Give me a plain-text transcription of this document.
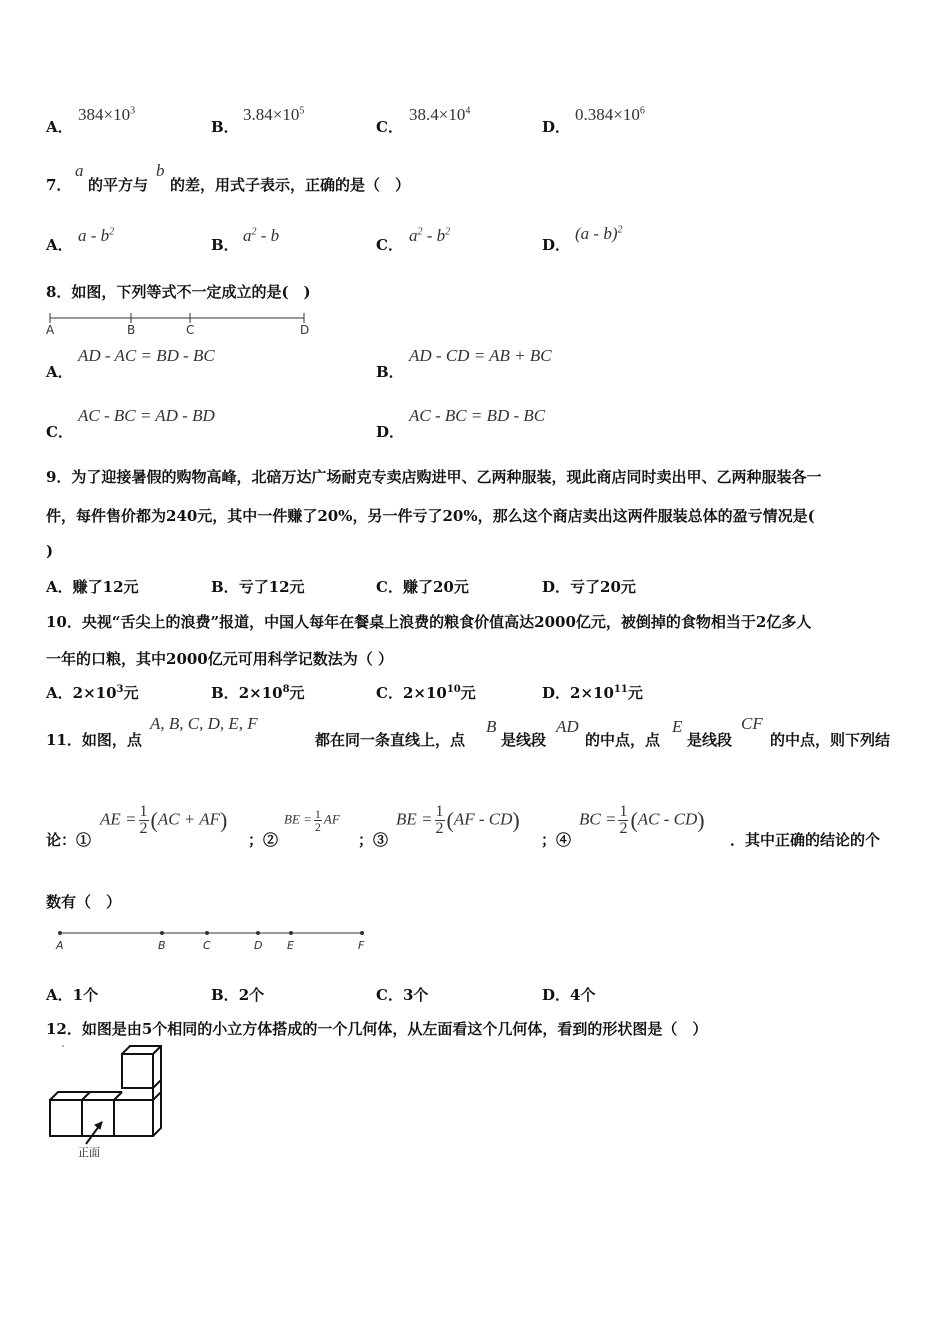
A．
$384\times 10^3$
B．
$3.84\times 10^5$
C．
$38.4\times 10^4$
D．
$0.384\times 10^6$
7．
a
的平方与
b
的差，用式子表示，正确的是（　）
A． a - $b^2$
B． $a^2$ - b	C． $a^2 - b^2$
D．
(a - b)$^2$
8．如图，下列等式不一定成立的是(　)
A	B	C	D
A．
AD - AC = BD - BC
B．
AD - CD = AB + BC
C．
AC - BC = AD - BD
D．
AC - BC = BD - BC
9．为了迎接暑假的购物高峰，北碚万达广场耐克专卖店购进甲、乙两种服装，现此商店同时卖出甲、乙两种服装各一
件，每件售价都为240元，其中一件赚了20%，另一件亏了20%，那么这个商店卖出这两件服装总体的盈亏情况是(
)
A．赚了12元	B．亏了12元	C．赚了20元	D．亏了20元
10．央视“舌尖上的浪费”报道，中国人每年在餐桌上浪费的粮食价值高达2000亿元，被倒掉的食物相当于2亿多人
一年的口粮，其中2000亿元可用科学记数法为（ ）
A．$2\times 10^3$元	B．$2\times 10^8$元	C．$2\times 10^{10}$元	D．$2\times 10^{11}$元
11．如图，点
A, B, C, D, E, F
都在同一条直线上，点
B
是线段
AD
的中点，点
E
是线段
CF
的中点，则下列结
论：①
AE = $\frac{1}{2} (AC + AF)$
；②
BE = $\frac{1}{2}$ AF
；③
BE = $\frac{1}{2} (AF - CD)$
；④
BC = $\frac{1}{2} (AC - CD)$
．其中正确的结论的个
数有（　）
A	B	C	D E	F
A．1个	B．2个	C．3个	D．4个
12．如图是由5个相同的小立方体搭成的一个几何体，从左面看这个几何体，看到的形状图是（　）
正面
